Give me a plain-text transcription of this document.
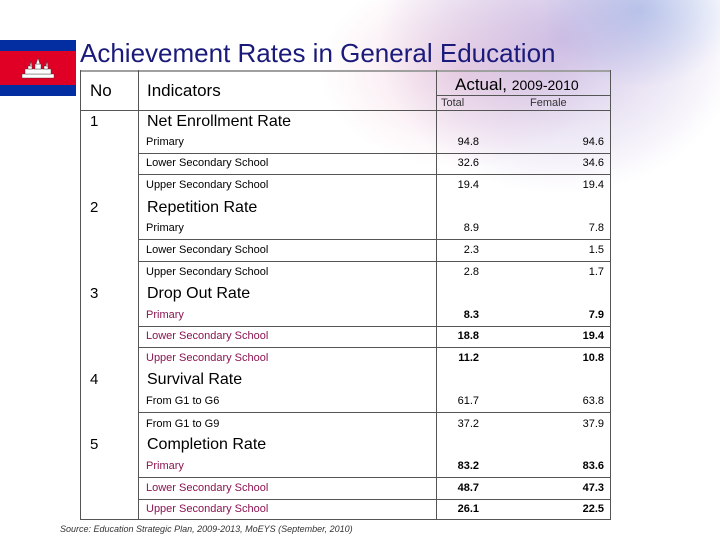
Achievement Rates in General Education
No Indicators	Actual, 2009-2010
Total	Female
1	Net Enrollment Rate
Primary	94.8	94.6
Lower Secondary School	32.6	34.6
Upper Secondary School	19.4	19.4
2	Repetition Rate
Primary	8.9	7.8
Lower Secondary School	2.3	1.5
Upper Secondary School	2.8	1.7
3	Drop Out Rate
Primary	8.3	7.9
Lower Secondary School	18.8	19.4
Upper Secondary School	11.2	10.8
4	Survival Rate
From G1 to G6	61.7	63.8
From G1 to G9	37.2	37.9
5	Completion Rate
Primary	83.2	83.6
Lower Secondary School	48.7	47.3
Upper Secondary School	26.1	22.5
Source: Education Strategic Plan, 2009-2013, MoEYS (September, 2010)
